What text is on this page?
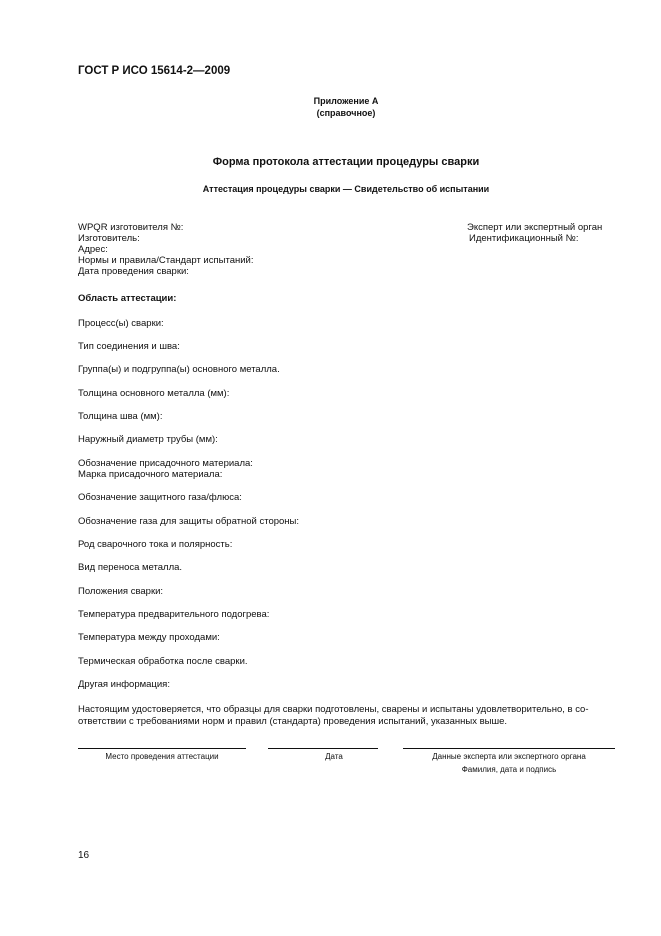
ГОСТ Р ИСО 15614-2—2009
Приложение А
(справочное)
Форма протокола аттестации процедуры сварки
Аттестация процедуры сварки — Свидетельство об испытании
WPQR изготовителя №:
Изготовитель:
Адрес:
Нормы и правила/Стандарт испытаний:
Дата проведения сварки:
Эксперт или экспертный орган
Идентификационный №:
Область аттестации:
Процесс(ы) сварки:
Тип соединения и шва:
Группа(ы) и подгруппа(ы) основного металла.
Толщина основного металла (мм):
Толщина шва (мм):
Наружный диаметр трубы (мм):
Обозначение присадочного материала:
Марка присадочного материала:
Обозначение защитного газа/флюса:
Обозначение газа для защиты обратной стороны:
Род сварочного тока и полярность:
Вид переноса металла.
Положения сварки:
Температура предварительного подогрева:
Температура между проходами:
Термическая обработка после сварки.
Другая информация:
Настоящим удостоверяется, что образцы для сварки подготовлены, сварены и испытаны удовлетворительно, в со-ответствии с требованиями норм и правил (стандарта) проведения испытаний, указанных выше.
Место проведения аттестации	Дата	Данные эксперта или экспертного органа
Фамилия, дата и подпись
16
